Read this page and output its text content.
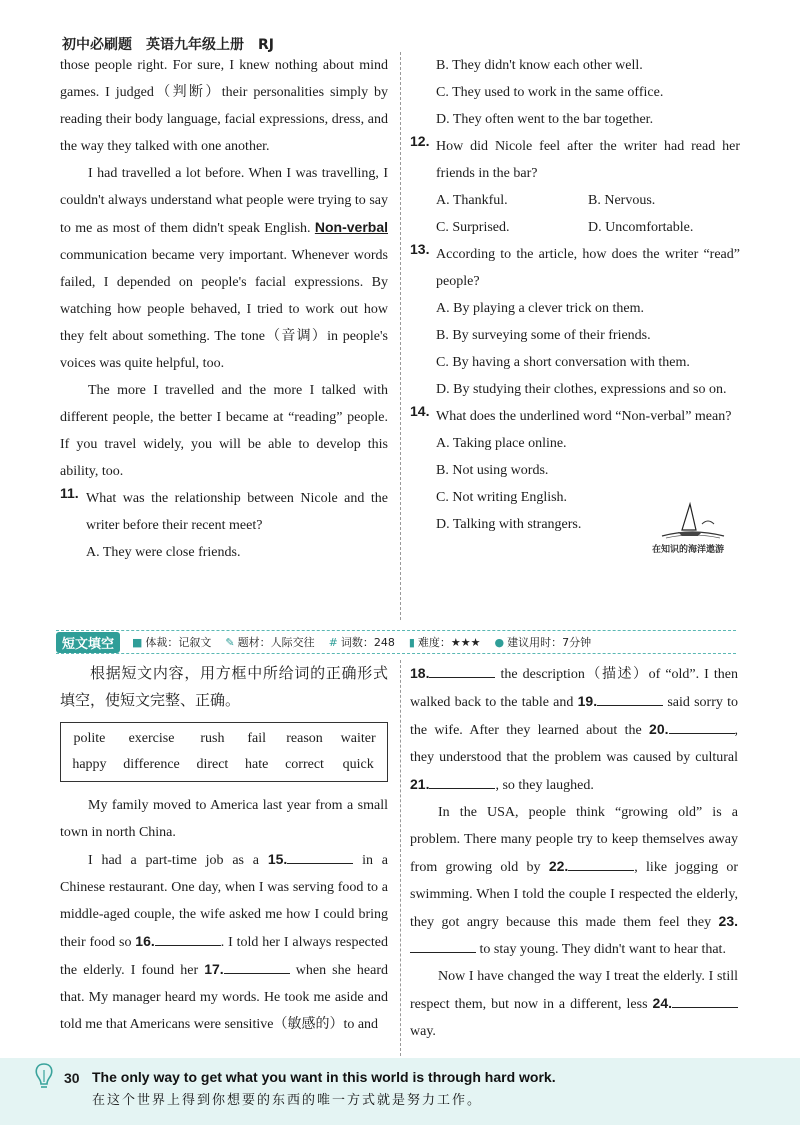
初中必刷题　英语九年级上册　RJ

those people right. For sure, I knew nothing about mind games. I judged（判断）their personalities simply by reading their body language, facial expressions, dress, and the way they talked with one another.

I had travelled a lot before. When I was travelling, I couldn't always understand what people were trying to say to me as most of them didn't speak English. Non-verbal communication became very important. Whenever words failed, I depended on people's facial expressions. By watching how people behaved, I tried to work out how they felt about something. The tone（音调）in people's voices was quite helpful, too.

The more I travelled and the more I talked with different people, the better I became at “reading” people. If you travel widely, you will be able to develop this ability, too.

11. What was the relationship between Nicole and the writer before their recent meet?

A. They were close friends.

B. They didn't know each other well.

C. They used to work in the same office.

D. They often went to the bar together.

12. How did Nicole feel after the writer had read her friends in the bar?

A. Thankful.	B. Nervous.

C. Surprised.	D. Uncomfortable.

13. According to the article, how does the writer “read” people?

A. By playing a clever trick on them.

B. By surveying some of their friends.

C. By having a short conversation with them.

D. By studying their clothes, expressions and so on.

14. What does the underlined word “Non-verbal” mean?

A. Taking place online.

B. Not using words.

C. Not writing English.

D. Talking with strangers.

在知识的海洋遨游
短文填空	■ 体裁：记叙文 ✎ 题材：人际交往 # 词数：248 ▮ 难度：★★★ ● 建议用时：7分钟

根据短文内容，用方框中所给词的正确形式填空，使短文完整、正确。

polite	exercise	rush	fail	reason	waiter
happy	difference	direct	hate	correct	quick

My family moved to America last year from a small town in north China.

I had a part-time job as a 15.	in a Chinese restaurant. One day, when I was serving food to a middle-aged couple, the wife asked me how I could bring their food so 16.	. I told her I always respected the elderly. I found her 17.	when she heard that. My manager heard my words. He took me aside and told me that Americans were sensitive（敏感的）to and

18.	the description（描述）of “old”. I then walked back to the table and 19.	said sorry to the wife. After they learned about the 20.	, they understood that the problem was caused by cultural 21.	, so they laughed.

In the USA, people think “growing old” is a problem. There many people try to keep themselves away from growing old by 22.	, like jogging or swimming. When I told the couple I respected the elderly, they got angry because this made them feel they 23. to stay young. They didn't want to hear that.

Now I have changed the way I treat the elderly. I still respect them, but now in a different, less 24. way.

30 The only way to get what you want in this world is through hard work.
在这个世界上得到你想要的东西的唯一方式就是努力工作。
